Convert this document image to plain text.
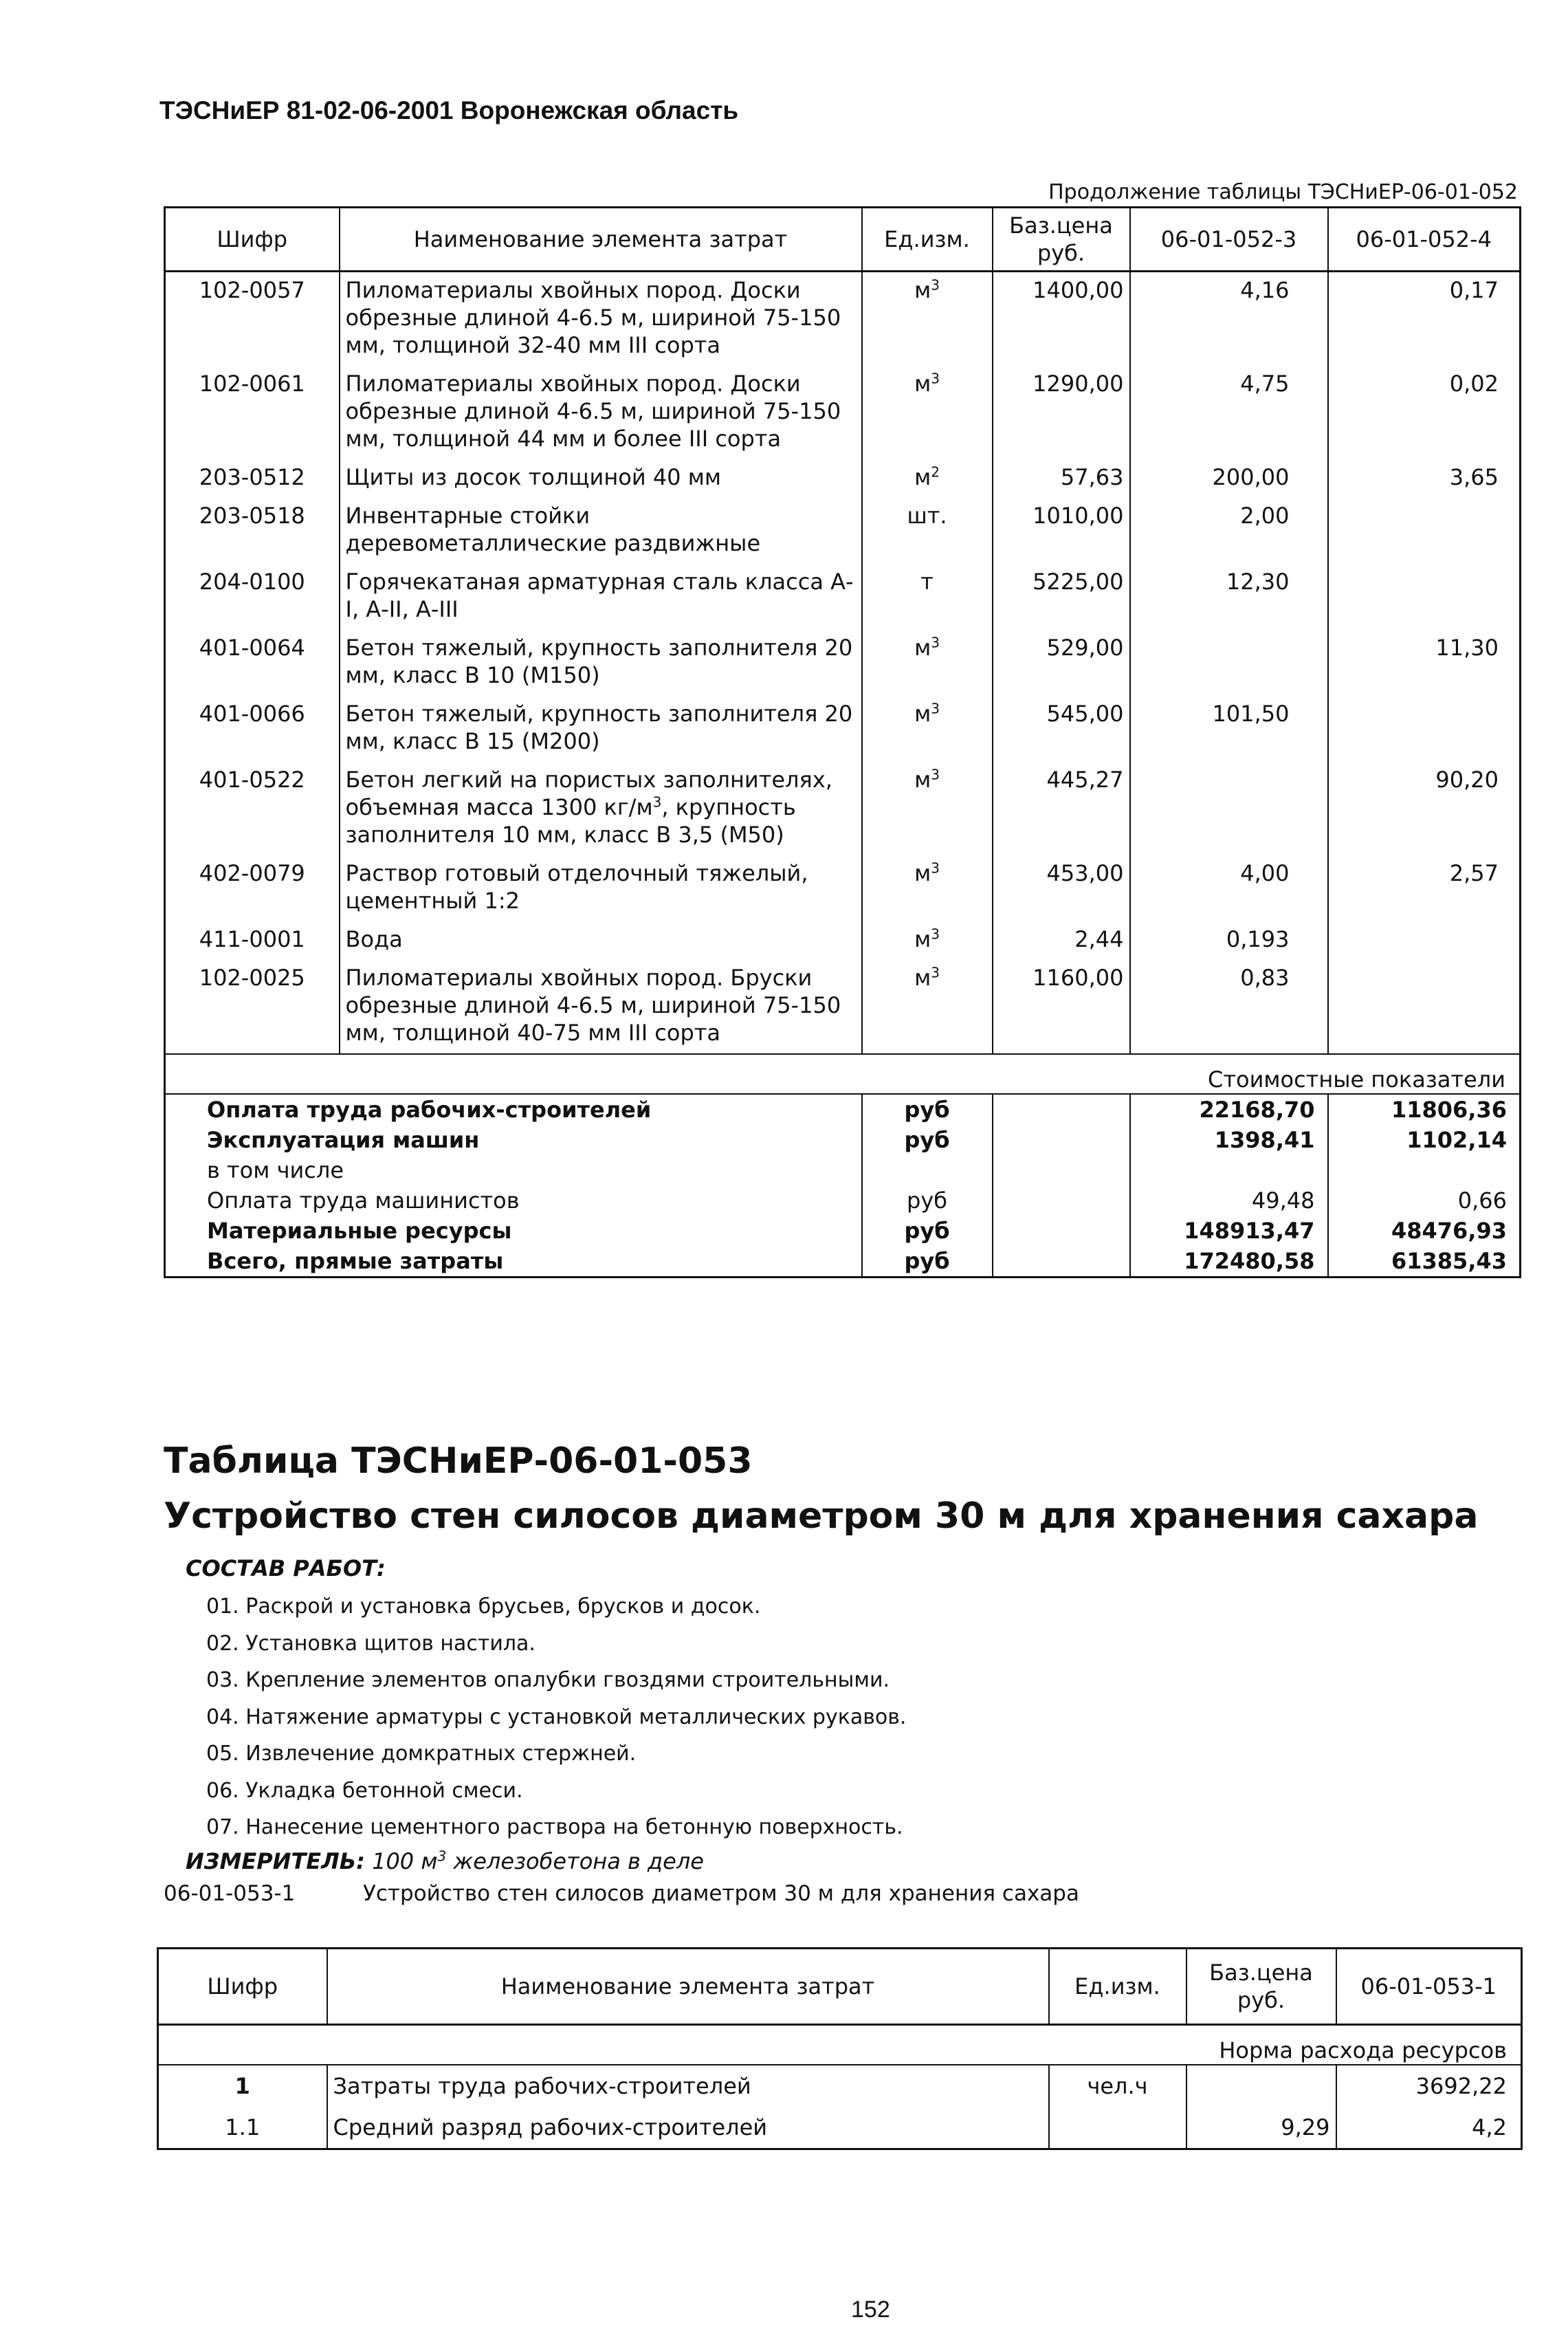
ТЭСНиЕР 81-02-06-2001 Воронежская область
Продолжение таблицы ТЭСНиЕР-06-01-052
Шифр	Наименование элемента затрат	Ед.изм.	Баз.цена руб.	06-01-052-3	06-01-052-4
102-0057	Пиломатериалы хвойных пород. Доски обрезные длиной 4-6.5 м, шириной 75-150 мм, толщиной 32-40 мм III сорта	$м^3$	1400,00	4,16	0,17
102-0061	Пиломатериалы хвойных пород. Доски обрезные длиной 4-6.5 м, шириной 75-150 мм, толщиной 44 мм и более III сорта	$м^3$	1290,00	4,75	0,02
203-0512	Щиты из досок толщиной 40 мм	$м^2$	57,63	200,00	3,65
203-0518	Инвентарные стойки деревометаллические раздвижные	шт.	1010,00	2,00	
204-0100	Горячекатаная арматурная сталь класса А-I, А-II, А-III	т	5225,00	12,30	
401-0064	Бетон тяжелый, крупность заполнителя 20 мм, класс В 10 (М150)	$м^3$	529,00		11,30
401-0066	Бетон тяжелый, крупность заполнителя 20 мм, класс В 15 (М200)	$м^3$	545,00	101,50	
401-0522	Бетон легкий на пористых заполнителях, объемная масса 1300 $кг/м^3$, крупность заполнителя 10 мм, класс В 3,5 (М50)	$м^3$	445,27		90,20
402-0079	Раствор готовый отделочный тяжелый, цементный 1:2	$м^3$	453,00	4,00	2,57
411-0001	Вода	$м^3$	2,44	0,193	
102-0025	Пиломатериалы хвойных пород. Бруски обрезные длиной 4-6.5 м, шириной 75-150 мм, толщиной 40-75 мм III сорта	$м^3$	1160,00	0,83	
Стоимостные показатели					
Оплата труда рабочих-строителей		руб		22168,70	11806,36
Эксплуатация машин		руб		1398,41	1102,14
в том числе					
Оплата труда машинистов		руб		49,48	0,66
Материальные ресурсы		руб		148913,47	48476,93
Всего, прямые затраты		руб		172480,58	61385,43
Таблица ТЭСНиЕР-06-01-053
Устройство стен силосов диаметром 30 м для хранения сахара
СОСТАВ РАБОТ:
01. Раскрой и установка брусьев, брусков и досок.
02. Установка щитов настила.
03. Крепление элементов опалубки гвоздями строительными.
04. Натяжение арматуры с установкой металлических рукавов.
05. Извлечение домкратных стержней.
06. Укладка бетонной смеси.
07. Нанесение цементного раствора на бетонную поверхность.
ИЗМЕРИТЕЛЬ: 100 $м^3$ железобетона в деле
06-01-053-1	Устройство стен силосов диаметром 30 м для хранения сахара
Шифр	Наименование элемента затрат	Ед.изм.	Баз.цена руб.	06-01-053-1
Норма расхода ресурсов				
1	Затраты труда рабочих-строителей	чел.ч		3692,22
1.1	Средний разряд рабочих-строителей		9,29	4,2
152
